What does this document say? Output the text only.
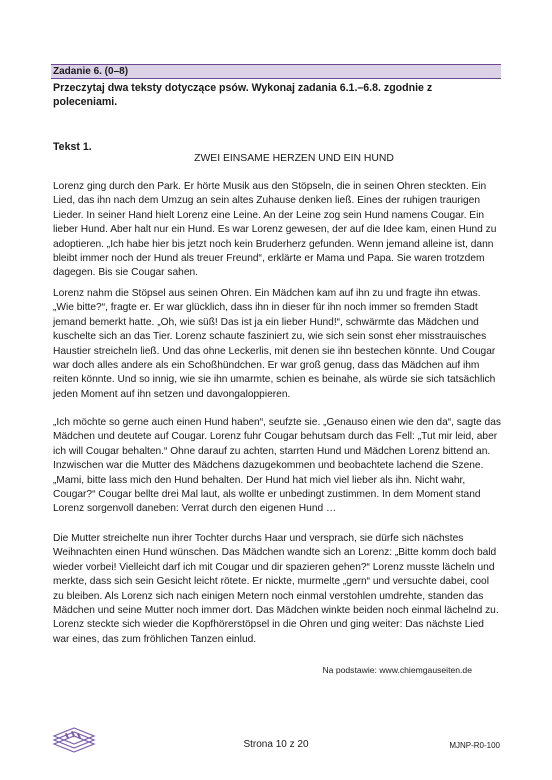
Zadanie 6. (0–8)
Przeczytaj dwa teksty dotyczące psów. Wykonaj zadania 6.1.–6.8. zgodnie z poleceniami.
Tekst 1.
ZWEI EINSAME HERZEN UND EIN HUND

Lorenz ging durch den Park. Er hörte Musik aus den Stöpseln, die in seinen Ohren steckten. Ein Lied, das ihn nach dem Umzug an sein altes Zuhause denken ließ. Eines der ruhigen traurigen Lieder. In seiner Hand hielt Lorenz eine Leine. An der Leine zog sein Hund namens Cougar. Ein lieber Hund. Aber halt nur ein Hund. Es war Lorenz gewesen, der auf die Idee kam, einen Hund zu adoptieren. „Ich habe hier bis jetzt noch kein Bruderherz gefunden. Wenn jemand alleine ist, dann bleibt immer noch der Hund als treuer Freund“, erklärte er Mama und Papa. Sie waren trotzdem dagegen. Bis sie Cougar sahen.

Lorenz nahm die Stöpsel aus seinen Ohren. Ein Mädchen kam auf ihn zu und fragte ihn etwas. „Wie bitte?“, fragte er. Er war glücklich, dass ihn in dieser für ihn noch immer so fremden Stadt jemand bemerkt hatte. „Oh, wie süß! Das ist ja ein lieber Hund!“, schwärmte das Mädchen und kuschelte sich an das Tier. Lorenz schaute fasziniert zu, wie sich sein sonst eher misstrauisches Haustier streicheln ließ. Und das ohne Leckerlis, mit denen sie ihn bestechen könnte. Und Cougar war doch alles andere als ein Schoßhündchen. Er war groß genug, dass das Mädchen auf ihm reiten könnte. Und so innig, wie sie ihn umarmte, schien es beinahe, als würde sie sich tatsächlich jeden Moment auf ihn setzen und davongaloppieren.

„Ich möchte so gerne auch einen Hund haben“, seufzte sie. „Genauso einen wie den da“, sagte das Mädchen und deutete auf Cougar. Lorenz fuhr Cougar behutsam durch das Fell: „Tut mir leid, aber ich will Cougar behalten.“ Ohne darauf zu achten, starrten Hund und Mädchen Lorenz bittend an. Inzwischen war die Mutter des Mädchens dazugekommen und beobachtete lachend die Szene. „Mami, bitte lass mich den Hund behalten. Der Hund hat mich viel lieber als ihn. Nicht wahr, Cougar?“ Cougar bellte drei Mal laut, als wollte er unbedingt zustimmen. In dem Moment stand Lorenz sorgenvoll daneben: Verrat durch den eigenen Hund …

Die Mutter streichelte nun ihrer Tochter durchs Haar und versprach, sie dürfe sich nächstes Weihnachten einen Hund wünschen. Das Mädchen wandte sich an Lorenz: „Bitte komm doch bald wieder vorbei! Vielleicht darf ich mit Cougar und dir spazieren gehen?“ Lorenz musste lächeln und merkte, dass sich sein Gesicht leicht rötete. Er nickte, murmelte „gern“ und versuchte dabei, cool zu bleiben. Als Lorenz sich nach einigen Metern noch einmal verstohlen umdrehte, standen das Mädchen und seine Mutter noch immer dort. Das Mädchen winkte beiden noch einmal lächelnd zu. Lorenz steckte sich wieder die Kopfhörerstöpsel in die Ohren und ging weiter: Das nächste Lied war eines, das zum fröhlichen Tanzen einlud.

Na podstawie: www.chiemgauseiten.de
Strona 10 z 20	MJNP-R0-100
